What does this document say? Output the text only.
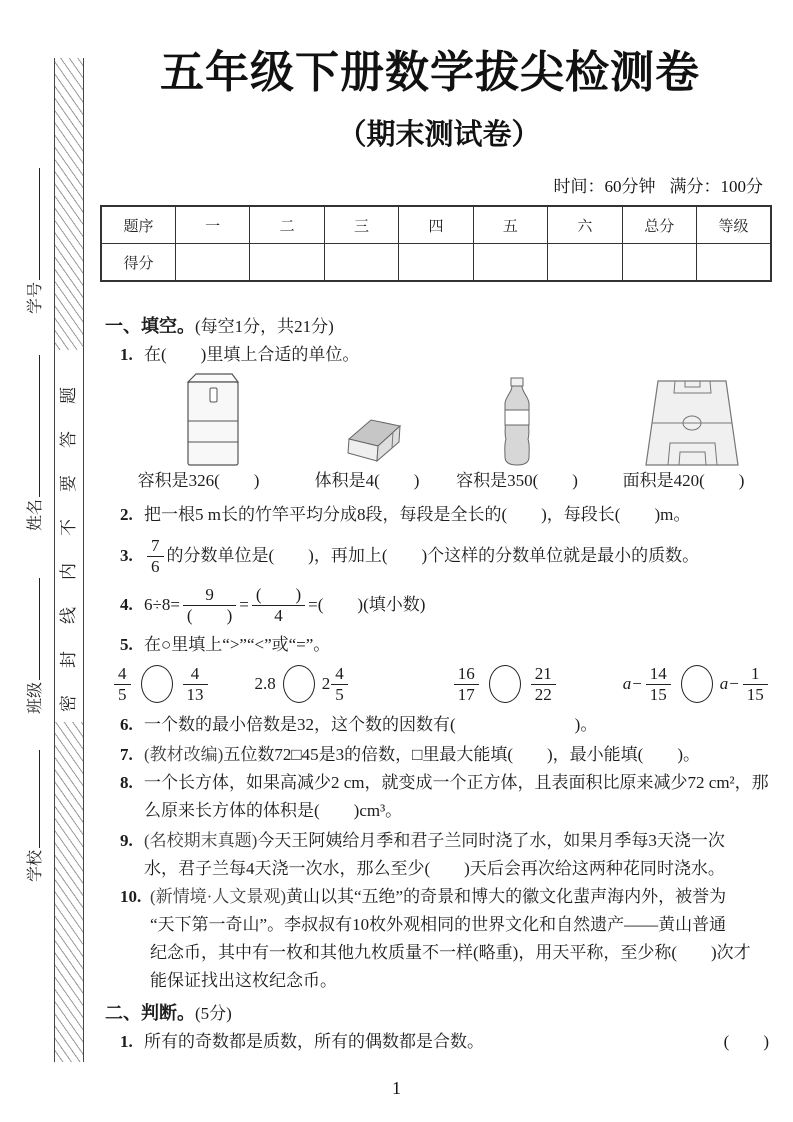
密封线内不要答题
学号
姓名
班级
学校
五年级下册数学拔尖检测卷
（期末测试卷）
时间：60分钟 满分：100分
题序	一	二	三	四	五	六	总分	等级
得分								
一、填空。(每空1分，共21分)
1. 在(　　)里填上合适的单位。
容积是326(　　)	体积是4(　　) 容积是350(　　)	面积是420(　　)
2. 把一根5 m长的竹竿平均分成8段，每段是全长的(　　)，每段长(　　)m。
3. $\frac{7}{6}$ 的分数单位是(　　)，再加上(　　)个这样的分数单位就是最小的质数。
4. $6\div 8= \frac{9}{( )} = \frac{( )}{4}$ =(　　)(填小数)
5. 在○里填上“>”“<”或“=”。
$\frac{4}{5}$	$\frac{4}{13}$	2.8	$2 \frac{4}{5}$	$\frac{16}{17}$	$\frac{21}{22}$	$a- \frac{14}{15}$	$a- \frac{1}{15}$
6. 一个数的最小倍数是32，这个数的因数有(　　　　　　　)。
7. (教材改编)五位数72□45是3的倍数，□里最大能填(　　)，最小能填(　　)。
8. 一个长方体，如果高减少2 cm，就变成一个正方体，且表面积比原来减少72 cm²，那
么原来长方体的体积是(　　)cm³。
9. (名校期末真题)今天王阿姨给月季和君子兰同时浇了水，如果月季每3天浇一次
水，君子兰每4天浇一次水，那么至少(　　)天后会再次给这两种花同时浇水。
10. (新情境·人文景观)黄山以其“五绝”的奇景和博大的徽文化蜚声海内外，被誉为
“天下第一奇山”。李叔叔有10枚外观相同的世界文化和自然遗产——黄山普通
纪念币，其中有一枚和其他九枚质量不一样(略重)，用天平称，至少称(　　)次才
能保证找出这枚纪念币。
二、判断。(5分)
1. 所有的奇数都是质数，所有的偶数都是合数。	(　　)
1
